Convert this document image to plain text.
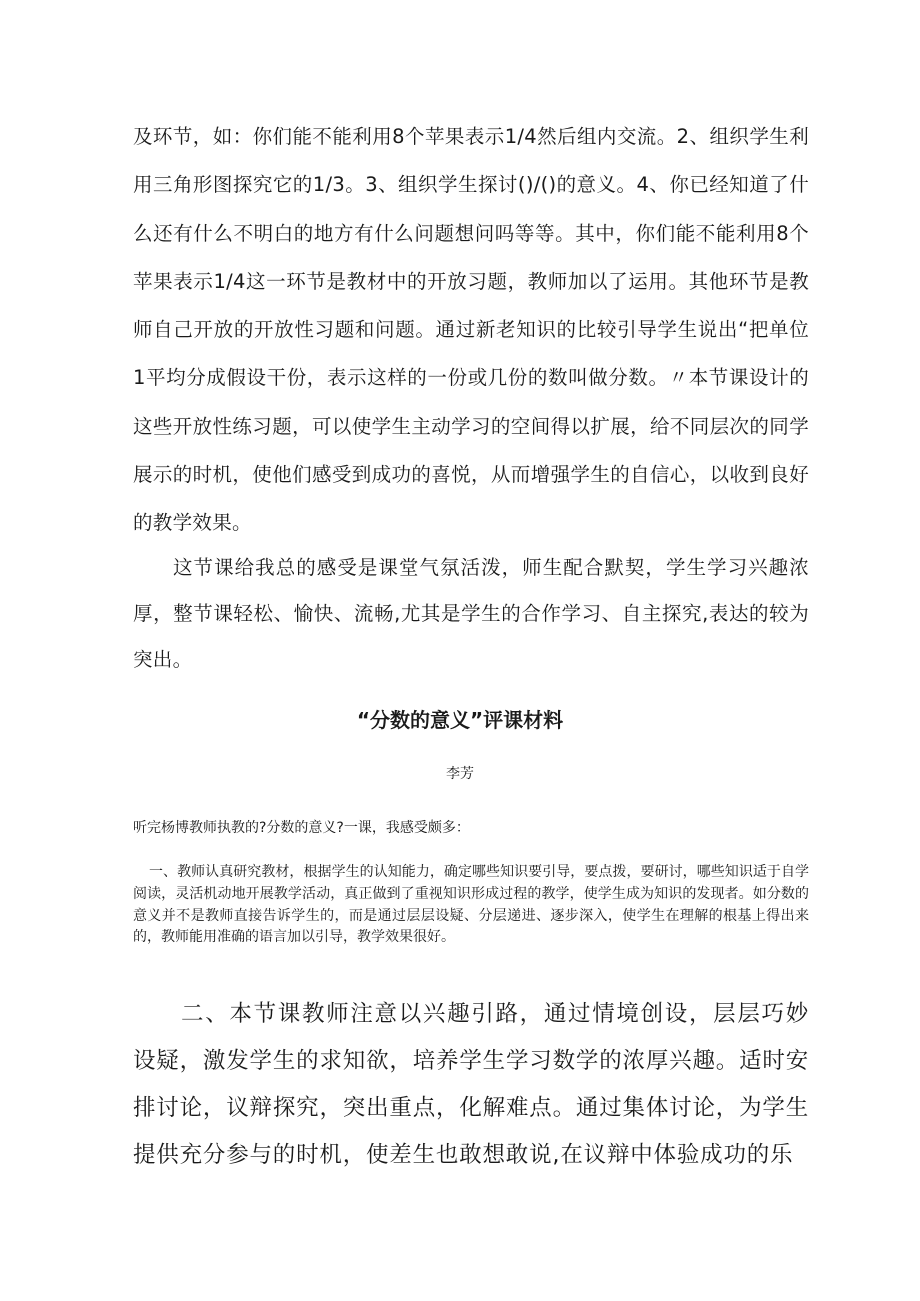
及环节，如：你们能不能利用8个苹果表示1/4然后组内交流。2、组织学生利用三角形图探究它的1/3。3、组织学生探讨()/()的意义。4、你已经知道了什么还有什么不明白的地方有什么问题想问吗等等。其中，你们能不能利用8个苹果表示1/4这一环节是教材中的开放习题，教师加以了运用。其他环节是教师自己开放的开放性习题和问题。通过新老知识的比较引导学生说出“把单位1平均分成假设干份，表示这样的一份或几份的数叫做分数。〃本节课设计的这些开放性练习题，可以使学生主动学习的空间得以扩展，给不同层次的同学展示的时机，使他们感受到成功的喜悦，从而增强学生的自信心，以收到良好的教学效果。

这节课给我总的感受是课堂气氛活泼，师生配合默契，学生学习兴趣浓厚，整节课轻松、愉快、流畅,尤其是学生的合作学习、自主探究,表达的较为突出。

“分数的意义”评课材料

李芳

听完杨博教师执教的?分数的意义?一课，我感受颇多：

一、教师认真研究教材，根据学生的认知能力，确定哪些知识要引导，要点拨，要研讨，哪些知识适于自学阅读，灵活机动地开展教学活动，真正做到了重视知识形成过程的教学，使学生成为知识的发现者。如分数的意义并不是教师直接告诉学生的，而是通过层层设疑、分层递进、逐步深入，使学生在理解的根基上得出来的，教师能用准确的语言加以引导，教学效果很好。

二、本节课教师注意以兴趣引路，通过情境创设，层层巧妙设疑，激发学生的求知欲，培养学生学习数学的浓厚兴趣。适时安排讨论，议辩探究，突出重点，化解难点。通过集体讨论，为学生提供充分参与的时机，使差生也敢想敢说,在议辩中体验成功的乐
